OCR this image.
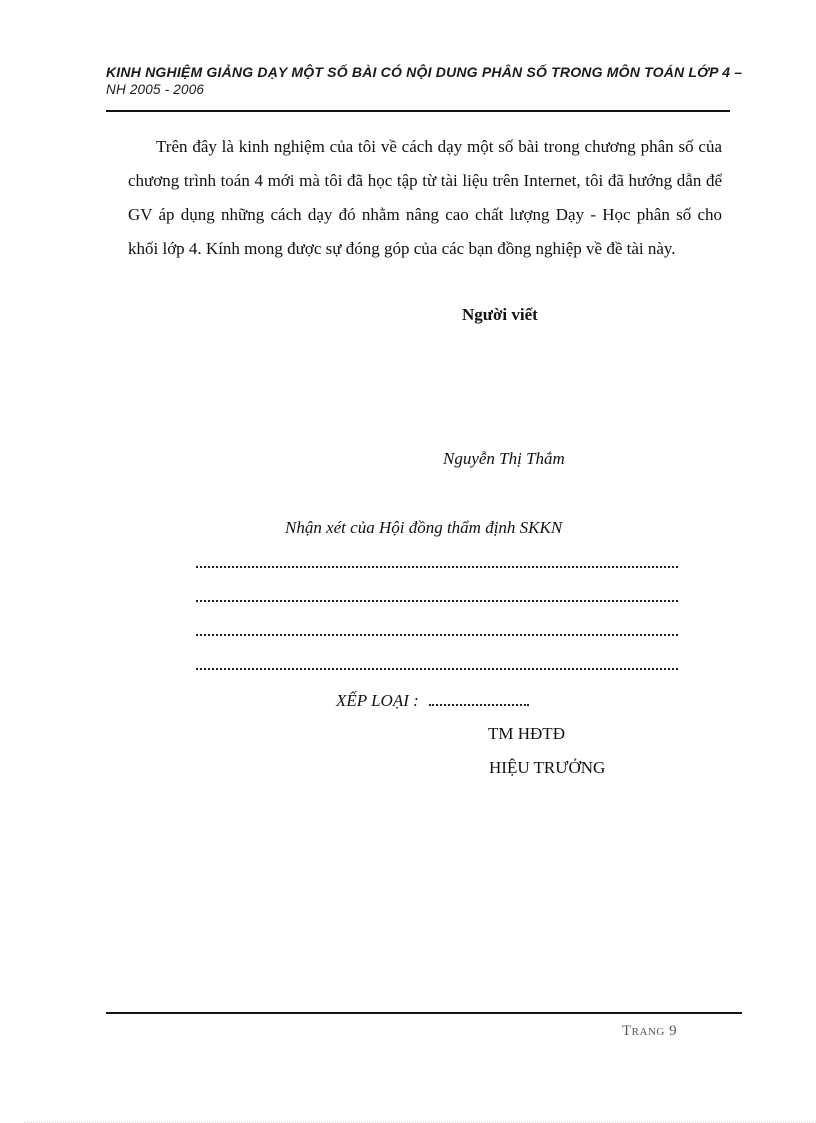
KINH NGHIỆM GIẢNG DẠY MỘT SỐ BÀI CÓ NỘI DUNG PHÂN SỐ TRONG MÔN TOÁN LỚP 4 –
NH 2005 - 2006
Trên đây là kinh nghiệm của tôi về cách dạy một số bài trong chương phân số của chương trình toán 4 mới mà tôi đã học tập từ tài liệu trên Internet, tôi đã hướng dẫn để GV áp dụng những cách dạy đó nhằm nâng cao chất lượng Dạy - Học phân số cho khối lớp 4. Kính mong được sự đóng góp của các bạn đồng nghiệp về đề tài này.
Người viết
Nguyễn Thị Thắm
Nhận xét của Hội đồng thẩm định SKKN
XẾP LOẠI :
TM HĐTĐ
HIỆU TRƯỞNG
Trang 9
